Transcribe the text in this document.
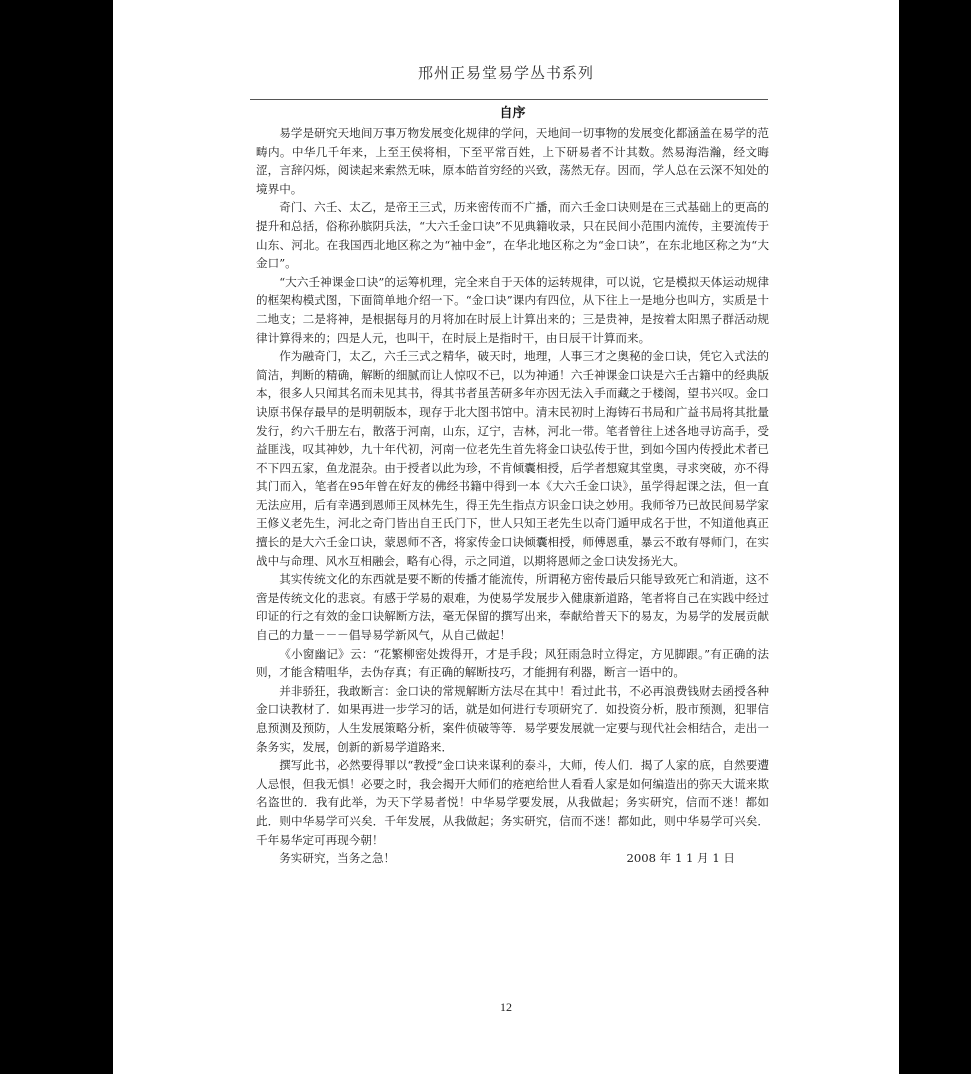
邢州正易堂易学丛书系列
自序

易学是研究天地间万事万物发展变化规律的学问，天地间一切事物的发展变化都涵盖在易学的范畴内。中华几千年来，上至王侯将相，下至平常百姓，上下研易者不计其数。然易海浩瀚，经文晦涩，言辞闪烁，阅读起来索然无味，原本皓首穷经的兴致，荡然无存。因而，学人总在云深不知处的境界中。

奇门、六壬、太乙，是帝王三式，历来密传而不广播，而六壬金口诀则是在三式基础上的更高的提升和总括，俗称孙膑阴兵法，“大六壬金口诀”不见典籍收录，只在民间小范围内流传，主要流传于山东、河北。在我国西北地区称之为“袖中金”，在华北地区称之为“金口诀”，在东北地区称之为“大金口”。

“大六壬神课金口诀”的运筹机理，完全来自于天体的运转规律，可以说，它是模拟天体运动规律的框架构模式图，下面简单地介绍一下。“金口诀”课内有四位，从下往上一是地分也叫方，实质是十二地支；二是将神，是根据每月的月将加在时辰上计算出来的；三是贵神，是按着太阳黑子群活动规律计算得来的；四是人元，也叫干，在时辰上是指时干，由日辰干计算而来。

作为融奇门，太乙，六壬三式之精华，破天时，地理，人事三才之奥秘的金口诀，凭它入式法的简洁，判断的精确，解断的细腻而让人惊叹不已，以为神通！六壬神课金口诀是六壬古籍中的经典版本，很多人只闻其名而未见其书，得其书者虽苦研多年亦因无法入手而藏之于楼阁，望书兴叹。金口诀原书保存最早的是明朝版本，现存于北大图书馆中。清末民初时上海铸石书局和广益书局将其批量发行，约六千册左右，散落于河南，山东，辽宁，吉林，河北一带。笔者曾往上述各地寻访高手，受益匪浅，叹其神妙，九十年代初，河南一位老先生首先将金口诀弘传于世，到如今国内传授此术者已不下四五家，鱼龙混杂。由于授者以此为珍，不肯倾囊相授，后学者想窥其堂奥，寻求突破，亦不得其门而入，笔者在95年曾在好友的佛经书籍中得到一本《大六壬金口诀》，虽学得起课之法，但一直无法应用，后有幸遇到恩师王凤林先生，得王先生指点方识金口诀之妙用。我师爷乃已故民间易学家王修义老先生，河北之奇门皆出自王氏门下，世人只知王老先生以奇门遁甲成名于世，不知道他真正擅长的是大六壬金口诀，蒙恩师不吝，将家传金口诀倾囊相授，师傅恩重，暴云不敢有辱师门，在实战中与命理、风水互相融会，略有心得，示之同道，以期将恩师之金口诀发扬光大。

其实传统文化的东西就是要不断的传播才能流传，所谓秘方密传最后只能导致死亡和消逝，这不啻是传统文化的悲哀。有感于学易的艰难，为使易学发展步入健康新道路，笔者将自己在实践中经过印证的行之有效的金口诀解断方法，毫无保留的撰写出来，奉献给普天下的易友，为易学的发展贡献自己的力量－－－倡导易学新风气，从自己做起！

《小窗幽记》云：“花繁柳密处拨得开，才是手段；风狂雨急时立得定，方见脚跟。”有正确的法则，才能含精咀华，去伪存真；有正确的解断技巧，才能拥有利器，断言一语中的。

并非骄狂，我敢断言：金口诀的常规解断方法尽在其中！看过此书，不必再浪费钱财去函授各种金口诀教材了．如果再进一步学习的话，就是如何进行专项研究了．如投资分析，股市预测，犯罪信息预测及预防，人生发展策略分析，案件侦破等等．易学要发展就一定要与现代社会相结合，走出一条务实，发展，创新的新易学道路来．

撰写此书，必然要得罪以“教授”金口诀来谋利的泰斗，大师，传人们．揭了人家的底，自然要遭人忌恨，但我无惧！必要之时，我会揭开大师们的疮疤给世人看看人家是如何编造出的弥天大谎来欺名盗世的．我有此举，为天下学易者悦！中华易学要发展，从我做起；务实研究，信而不迷！都如此．则中华易学可兴矣．千年发展，从我做起；务实研究，信而不迷！都如此，则中华易学可兴矣．千年易华定可再现今朝！

务实研究，当务之急！	2008 年 1 1 月 1 日

12
